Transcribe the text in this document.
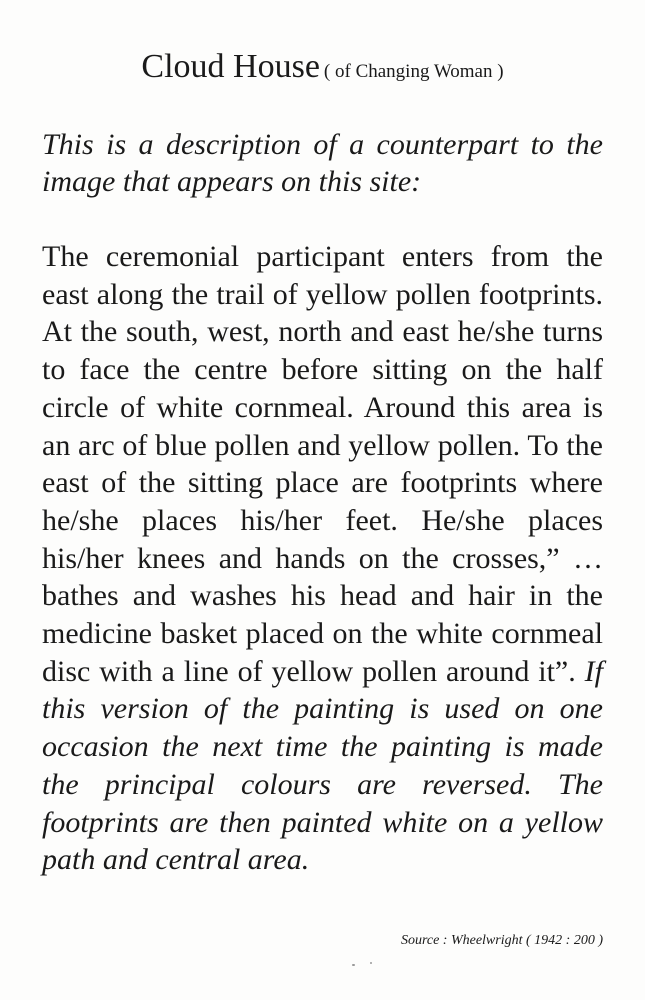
Cloud House ( of Changing Woman )
This is a description of a counterpart to the image that appears on this site:
The ceremonial participant enters from the east along the trail of yellow pollen footprints. At the south, west, north and east he/she turns to face the centre before sitting on the half circle of white cornmeal. Around this area is an arc of blue pollen and yellow pollen. To the east of the sitting place are footprints where he/she places his/her feet. He/she places his/her knees and hands on the crosses,” …bathes and washes his head and hair in the medicine basket placed on the white cornmeal disc with a line of yellow pollen around it”. If this version of the painting is used on one occasion the next time the painting is made the principal colours are reversed. The footprints are then painted white on a yellow path and central area.
Source : Wheelwright ( 1942 : 200 )
